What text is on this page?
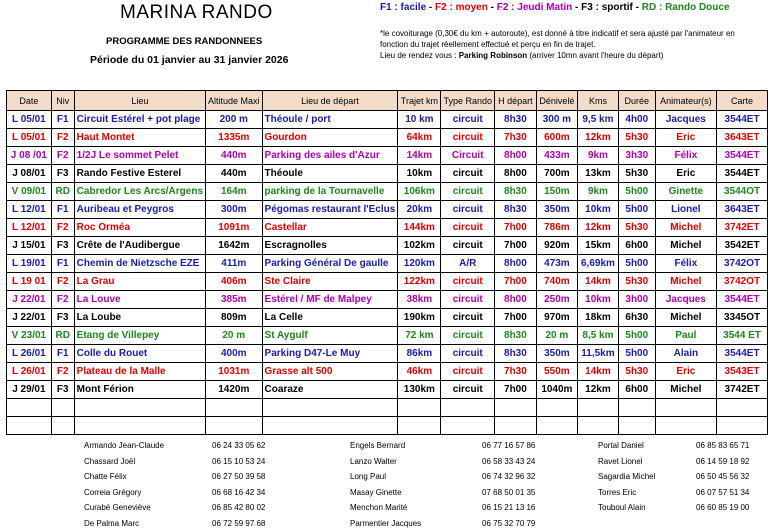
MARINA RANDO
PROGRAMME DES RANDONNEES
Période du 01 janvier au 31 janvier 2026
F1 : facile - F2 : moyen - F2 : Jeudi Matin - F3 : sportif - RD : Rando Douce
*le covoiturage (0,30€ du km + autoroute), est donné à titre indicatif et sera ajusté par l'animateur en fonction du trajet réellement effectué et perçu en fin de trajet.
Lieu de rendez vous : Parking Robinson (arriver 10mn avant l'heure du départ)
Date	Niv	Lieu	Altitude Maxi	Lieu de départ	Trajet km	Type Rando	H départ	Dénivelé	Kms	Durée	Animateur(s)	Carte
L 05/01	F1	Circuit Estérel + pot plage	200 m	Théoule / port	10 km	circuit	8h30	300 m	9,5 km	4h00	Jacques	3544ET
L 05/01	F2	Haut Montet	1335m	Gourdon	64km	circuit	7h30	600m	12km	5h30	Eric	3643ET
J 08 /01	F2	1/2J Le sommet Pelet	440m	Parking des ailes d'Azur	14km	Circuit	8h00	433m	9km	3h30	Félix	3544ET
J 08/01	F3	Rando Festive Esterel	440m	Théoule	10km	circuit	8h00	700m	13km	5h30	Eric	3544ET
V 09/01	RD	Cabredor Les Arcs/Argens	164m	parking de la Tournavelle	106km	circuit	8h30	150m	9km	5h00	Ginette	3544OT
L 12/01	F1	Auribeau et Peygros	300m	Pégomas restaurant l'Eclus	20km	circuit	8h30	350m	10km	5h00	Lionel	3643ET
L 12/01	F2	Roc Orméa	1091m	Castellar	144km	circuit	7h00	786m	12km	5h30	Michel	3742ET
J 15/01	F3	Crête de l'Audibergue	1642m	Escragnolles	102km	circuit	7h00	920m	15km	6h00	Michel	3542ET
L 19/01	F1	Chemin de Nietzsche EZE	411m	Parking Général De gaulle	120km	A/R	8h00	473m	6,69km	5h00	Félix	3742OT
L 19 01	F2	La Grau	406m	Ste Claire	122km	circuit	7h00	740m	14km	5h30	Michel	3742OT
J 22/01	F2	La Louve	385m	Estérel / MF de Malpey	38km	circuit	8h00	250m	10km	3h00	Jacques	3544ET
J 22/01	F3	La Loube	809m	La Celle	190km	circuit	7h00	970m	18km	6h30	Michel	3345OT
V 23/01	RD	Etang de Villepey	20 m	St Aygulf	72 km	circuit	8h30	20 m	8,5 km	5h00	Paul	3544 ET
L 26/01	F1	Colle du Rouet	400m	Parking D47-Le Muy	86km	circuit	8h30	350m	11,5km	5h00	Alain	3544ET
L 26/01	F2	Plateau de la Malle	1031m	Grasse alt 500	46km	circuit	7h30	550m	14km	5h30	Eric	3543ET
J 29/01	F3	Mont Férion	1420m	Coaraze	130km	circuit	7h00	1040m	12km	6h00	Michel	3742ET

Armando Jean-Claude	06 24 33 05 62
Chassard Joël	06 15 10 53 24
Chatte Félix	06 27 50 39 58
Correia Grégory	06 68 16 42 34
Curabé Geneviève	06 85 42 80 02
De Palma Marc	06 72 59 97 68
Engels Bernard	06 77 16 57 86
Lanzo Walter	06 58 33 43 24
Long Paul	06 74 32 96 32
Masay Ginette	07 68 50 01 35
Menchon Marité	06 15 21 13 16
Parmentier Jacques	06 75 32 70 79
Portal Daniel	06 85 83 65 71
Ravet Lionel	06 14 59 18 92
Sagardia Michel	06 50 45 56 32
Torres Eric	06 07 57 51 34
Touboul Alain	06 60 85 19 00
